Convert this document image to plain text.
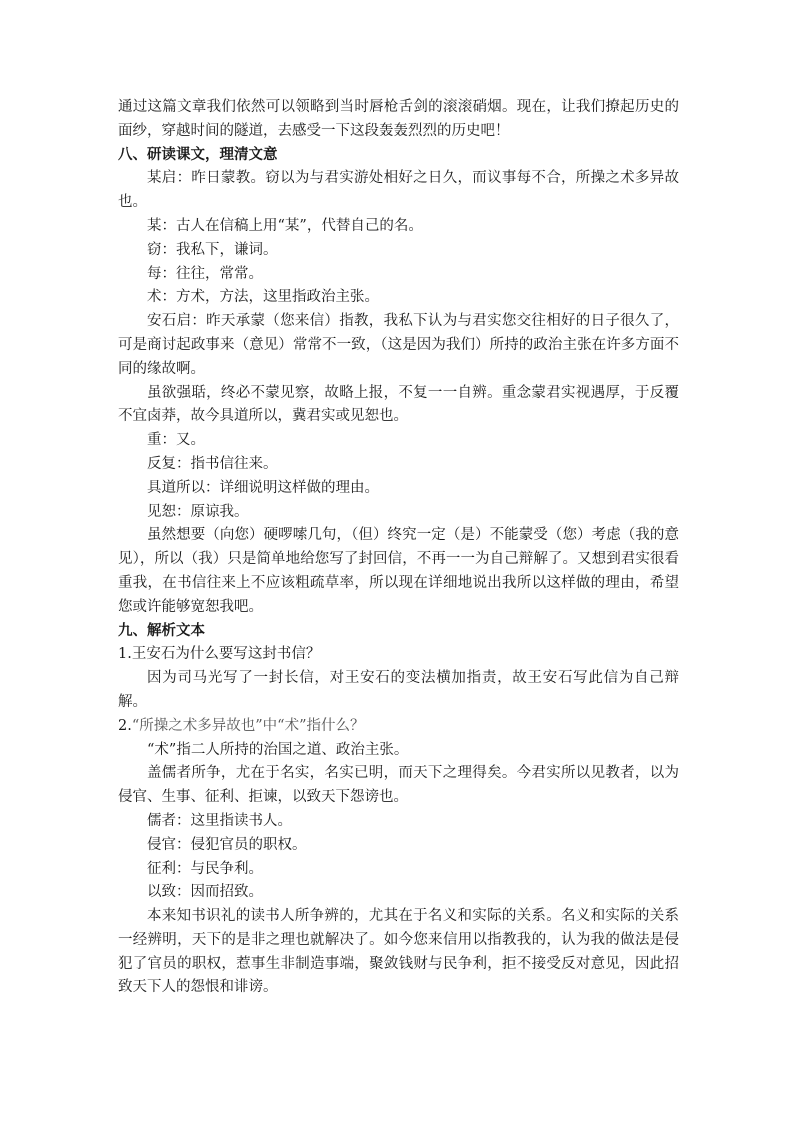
通过这篇文章我们依然可以领略到当时唇枪舌剑的滚滚硝烟。现在，让我们撩起历史的面纱，穿越时间的隧道，去感受一下这段轰轰烈烈的历史吧！

八、研读课文，理清文意

某启：昨日蒙教。窃以为与君实游处相好之日久，而议事每不合，所操之术多异故也。

某：古人在信稿上用“某”，代替自己的名。

窃：我私下，谦词。

每：往往，常常。

术：方术，方法，这里指政治主张。

安石启：昨天承蒙（您来信）指教，我私下认为与君实您交往相好的日子很久了，可是商讨起政事来（意见）常常不一致，（这是因为我们）所持的政治主张在许多方面不同的缘故啊。

虽欲强聒，终必不蒙见察，故略上报，不复一一自辨。重念蒙君实视遇厚，于反覆不宜卤莽，故今具道所以，冀君实或见恕也。

重：又。

反复：指书信往来。

具道所以：详细说明这样做的理由。

见恕：原谅我。

虽然想要（向您）硬啰嗦几句，（但）终究一定（是）不能蒙受（您）考虑（我的意见），所以（我）只是简单地给您写了封回信，不再一一为自己辩解了。又想到君实很看重我，在书信往来上不应该粗疏草率，所以现在详细地说出我所以这样做的理由，希望您或许能够宽恕我吧。

九、解析文本

1.王安石为什么要写这封书信？

因为司马光写了一封长信，对王安石的变法横加指责，故王安石写此信为自己辩解。

2.“所操之术多异故也”中“术”指什么？

“术”指二人所持的治国之道、政治主张。

盖儒者所争，尤在于名实，名实已明，而天下之理得矣。今君实所以见教者，以为侵官、生事、征利、拒谏，以致天下怨谤也。

儒者：这里指读书人。

侵官：侵犯官员的职权。

征利：与民争利。

以致：因而招致。

本来知书识礼的读书人所争辨的，尤其在于名义和实际的关系。名义和实际的关系一经辨明，天下的是非之理也就解决了。如今您来信用以指教我的，认为我的做法是侵犯了官员的职权，惹事生非制造事端，聚敛钱财与民争利，拒不接受反对意见，因此招致天下人的怨恨和诽谤。
